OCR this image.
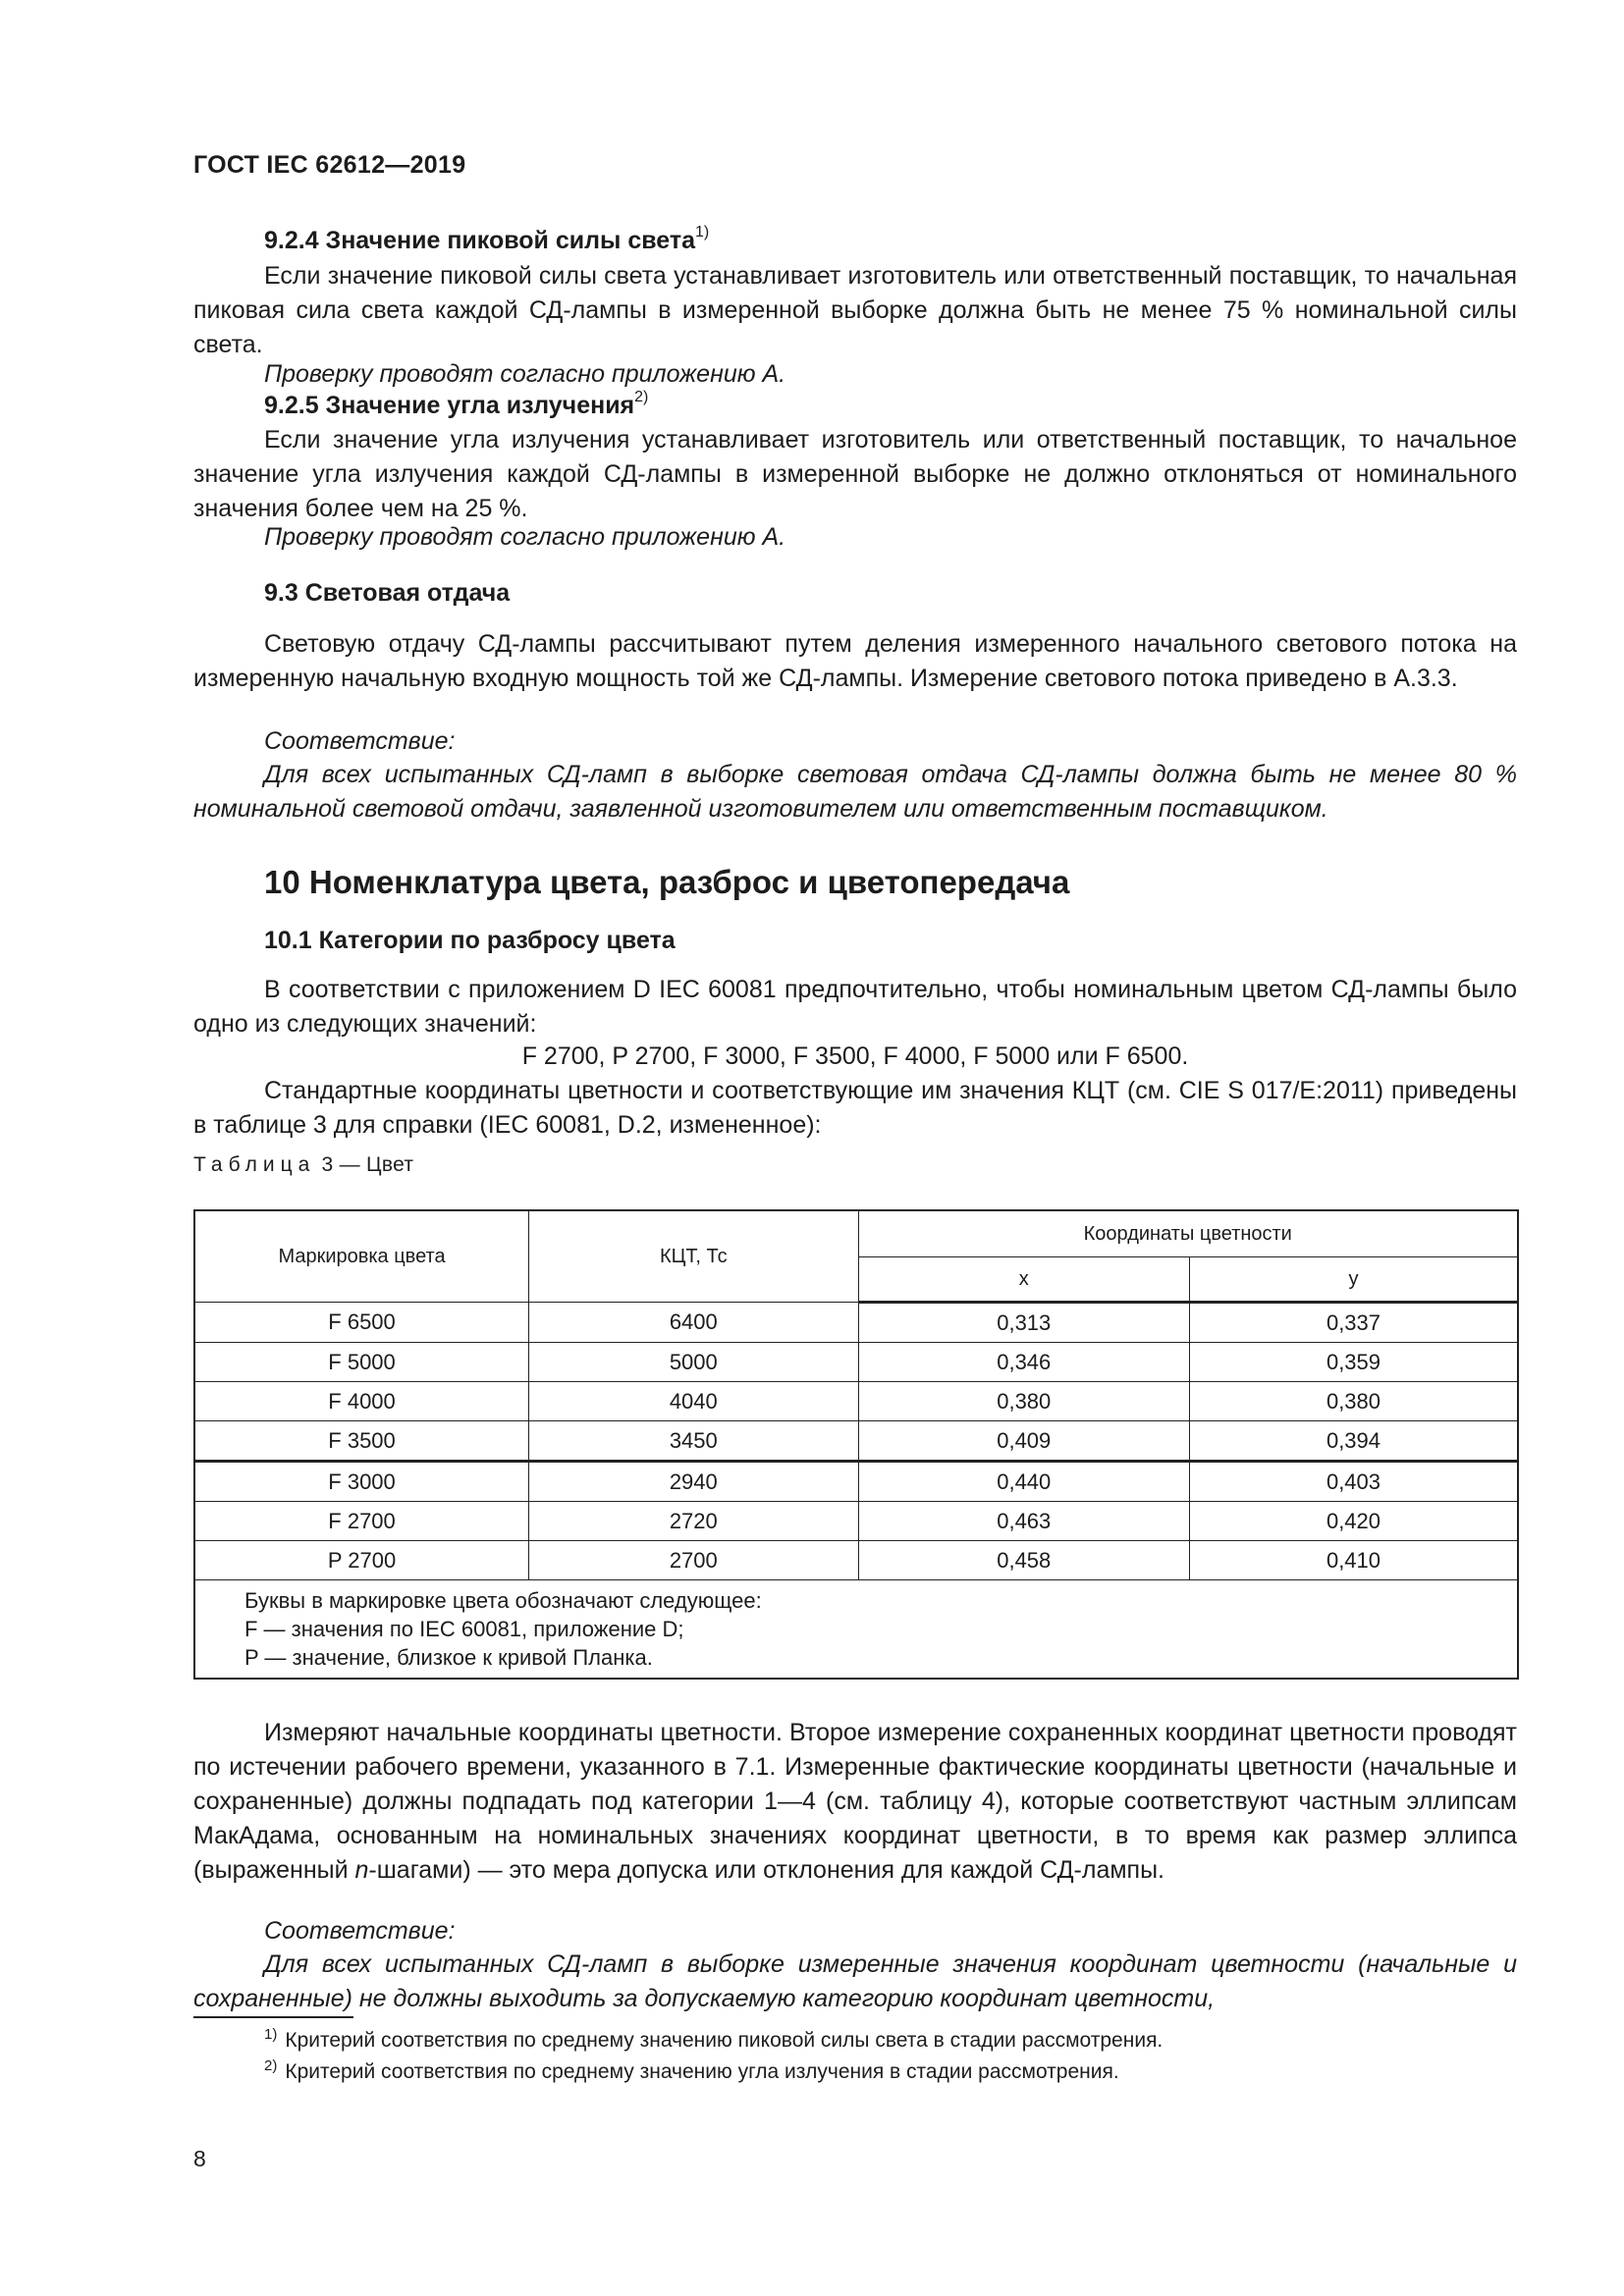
ГОСТ IEC 62612—2019
9.2.4 Значение пиковой силы света$^{1)}$
Если значение пиковой силы света устанавливает изготовитель или ответственный поставщик, то начальная пиковая сила света каждой СД-лампы в измеренной выборке должна быть не менее 75 % номинальной силы света.
Проверку проводят согласно приложению А.
9.2.5 Значение угла излучения$^{2)}$
Если значение угла излучения устанавливает изготовитель или ответственный поставщик, то начальное значение угла излучения каждой СД-лампы в измеренной выборке не должно отклоняться от номинального значения более чем на 25 %.
Проверку проводят согласно приложению А.
9.3 Световая отдача
Световую отдачу СД-лампы рассчитывают путем деления измеренного начального светового потока на измеренную начальную входную мощность той же СД-лампы. Измерение светового потока приведено в А.3.3.
Соответствие:
Для всех испытанных СД-ламп в выборке световая отдача СД-лампы должна быть не менее 80 % номинальной световой отдачи, заявленной изготовителем или ответственным поставщиком.
10 Номенклатура цвета, разброс и цветопередача
10.1 Категории по разбросу цвета
В соответствии с приложением D IEC 60081 предпочтительно, чтобы номинальным цветом СД-лампы было одно из следующих значений:
F 2700, P 2700, F 3000, F 3500, F 4000, F 5000 или F 6500.
Стандартные координаты цветности и соответствующие им значения КЦТ (см. CIE S 017/E:2011) приведены в таблице 3 для справки (IEC 60081, D.2, измененное):
Таблица 3 — Цвет
Маркировка цвета	КЦТ, Тс	Координаты цветности	
		x	y
F 6500	6400	0,313	0,337
F 5000	5000	0,346	0,359
F 4000	4040	0,380	0,380
F 3500	3450	0,409	0,394
F 3000	2940	0,440	0,403
F 2700	2720	0,463	0,420
P 2700	2700	0,458	0,410

Буквы в маркировке цвета обозначают следующее:
F — значения по IEC 60081, приложение D;
P — значение, близкое к кривой Планка.			
Измеряют начальные координаты цветности. Второе измерение сохраненных координат цветности проводят по истечении рабочего времени, указанного в 7.1. Измеренные фактические координаты цветности (начальные и сохраненные) должны подпадать под категории 1—4 (см. таблицу 4), которые соответствуют частным эллипсам МакАдама, основанным на номинальных значениях координат цветности, в то время как размер эллипса (выраженный n-шагами) — это мера допуска или отклонения для каждой СД-лампы.
Соответствие:
Для всех испытанных СД-ламп в выборке измеренные значения координат цветности (начальные и сохраненные) не должны выходить за допускаемую категорию координат цветности,
$^{1)}$ Критерий соответствия по среднему значению пиковой силы света в стадии рассмотрения.
$^{2)}$ Критерий соответствия по среднему значению угла излучения в стадии рассмотрения.
8
